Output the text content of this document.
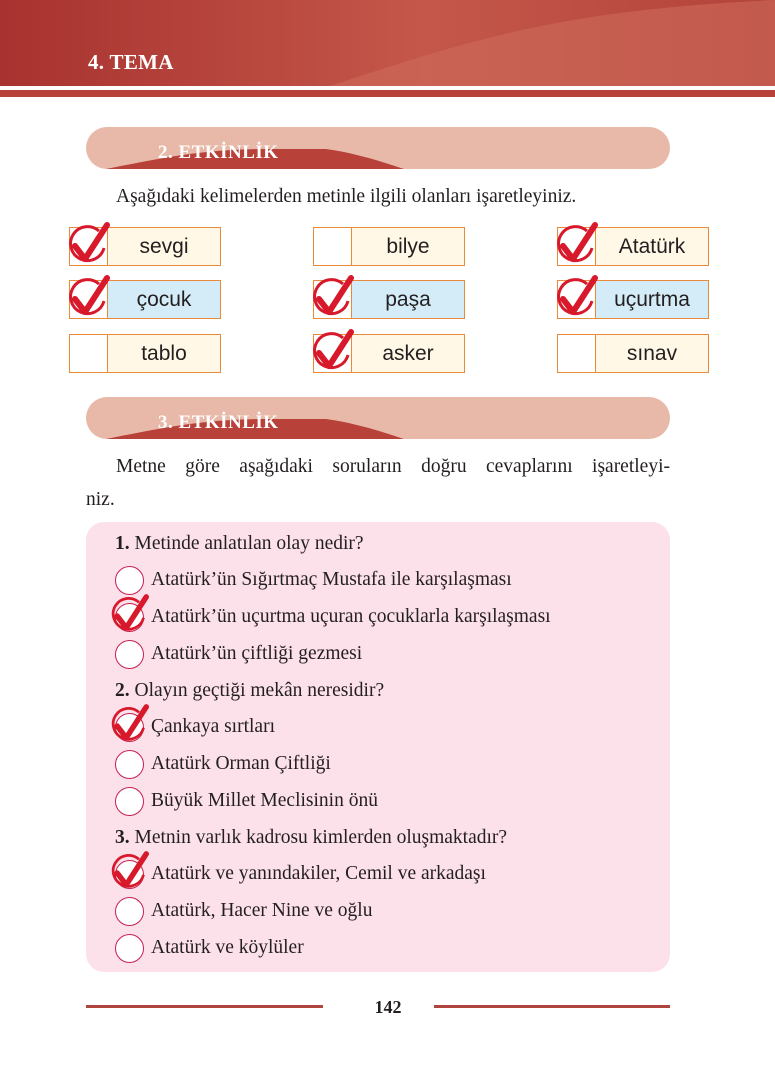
4. TEMA
2. ETKİNLİK
Aşağıdaki kelimelerden metinle ilgili olanları işaretleyiniz.
sevgi	bilye	Atatürk
çocuk	paşa	uçurtma
tablo	asker	sınav
3. ETKİNLİK
Metne göre aşağıdaki soruların doğru cevaplarını işaretleyi-
niz.
1. Metinde anlatılan olay nedir?
Atatürk’ün Sığırtmaç Mustafa ile karşılaşması
Atatürk’ün uçurtma uçuran çocuklarla karşılaşması
Atatürk’ün çiftliği gezmesi
2. Olayın geçtiği mekân neresidir?
Çankaya sırtları
Atatürk Orman Çiftliği
Büyük Millet Meclisinin önü
3. Metnin varlık kadrosu kimlerden oluşmaktadır?
Atatürk ve yanındakiler, Cemil ve arkadaşı
Atatürk, Hacer Nine ve oğlu
Atatürk ve köylüler
142
